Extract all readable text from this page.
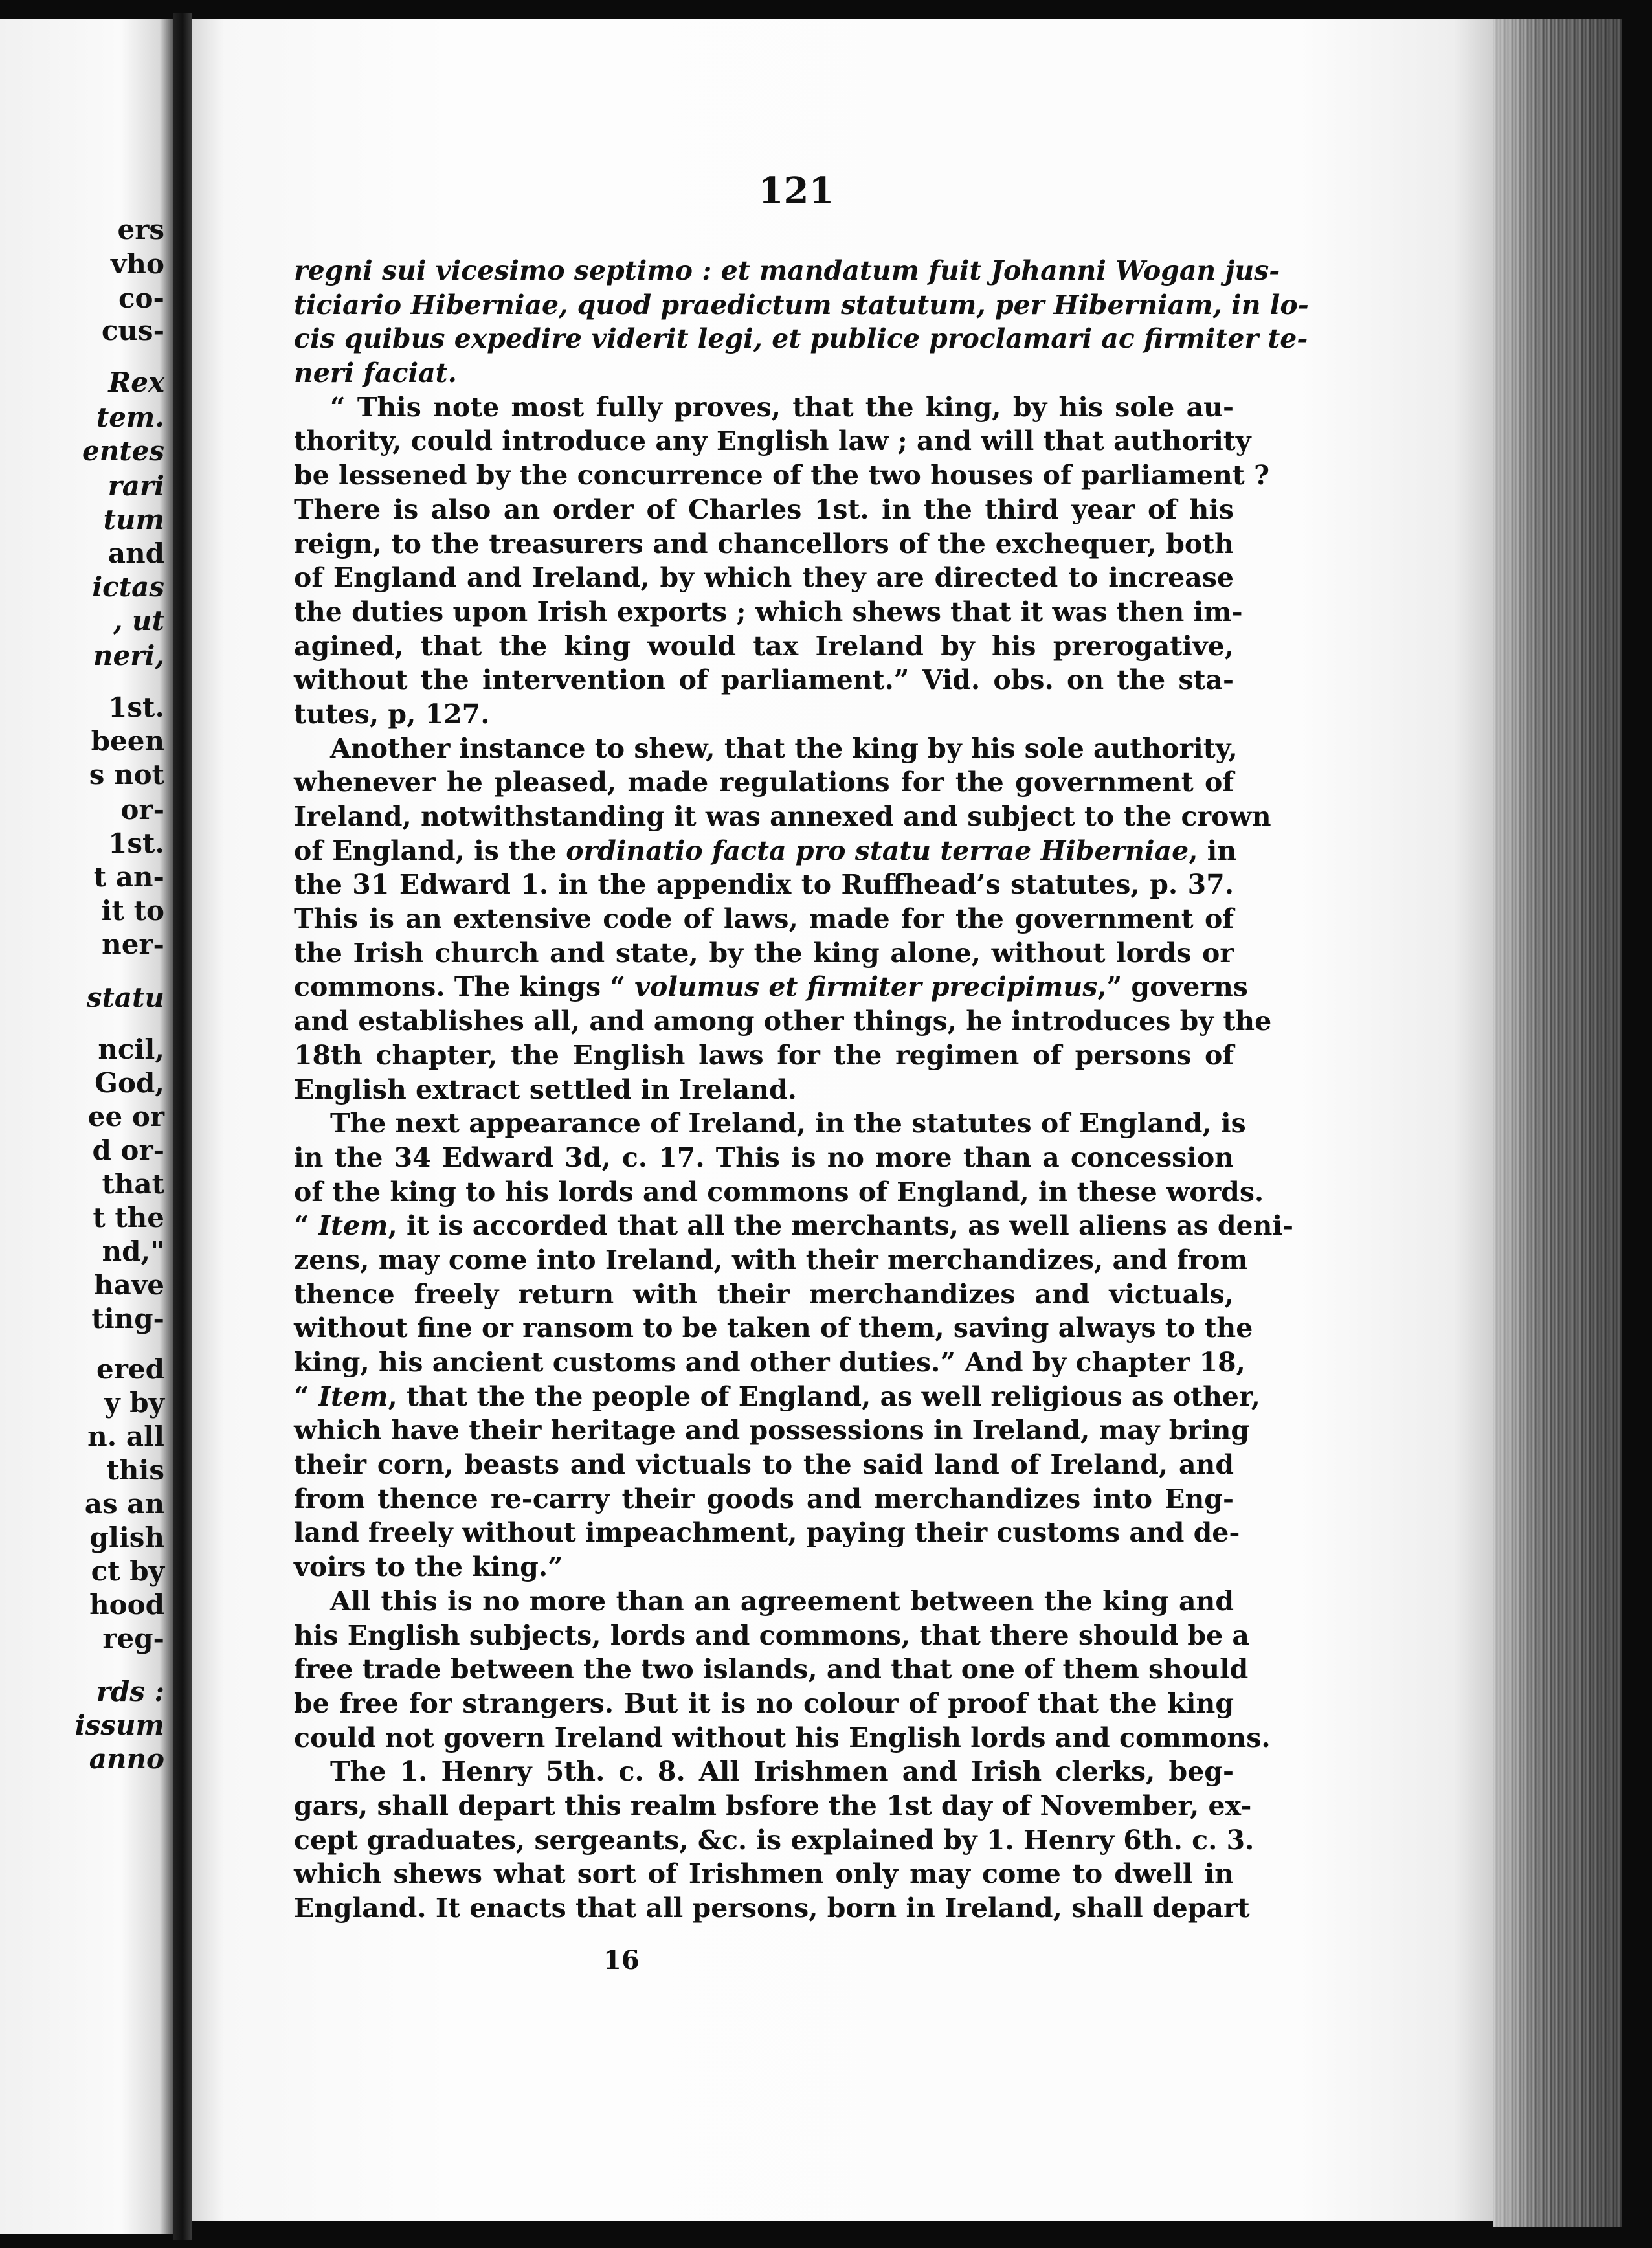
ers
vho
co-
cus-
Rex
tem.
entes
rari
tum
and
ictas
, ut
neri,
1st.
been
s not
or-
1st.
t an-
it to
ner-
statu
ncil,
God,
ee or
d or-
that
t the
nd,"
have
ting-
ered
y by
n. all
this
as an
glish
ct by
hood
reg-
rds :
issum
anno
121
regni sui vicesimo septimo : et mandatum fuit Johanni Wogan jus-
ticiario Hiberniae, quod praedictum statutum, per Hiberniam, in lo-
cis quibus expedire viderit legi, et publice proclamari ac firmiter te-
neri faciat.
“ This note most fully proves, that the king, by his sole au-
thority, could introduce any English law ; and will that authority
be lessened by the concurrence of the two houses of parliament ?
There is also an order of Charles 1st. in the third year of his
reign, to the treasurers and chancellors of the exchequer, both
of England and Ireland, by which they are directed to increase
the duties upon Irish exports ; which shews that it was then im-
agined, that the king would tax Ireland by his prerogative,
without the intervention of parliament.” Vid. obs. on the sta-
tutes, p, 127.
Another instance to shew, that the king by his sole authority,
whenever he pleased, made regulations for the government of
Ireland, notwithstanding it was annexed and subject to the crown
of England, is the ordinatio facta pro statu terrae Hiberniae, in
the 31 Edward 1. in the appendix to Ruffhead’s statutes, p. 37.
This is an extensive code of laws, made for the government of
the Irish church and state, by the king alone, without lords or
commons. The kings “ volumus et firmiter precipimus,” governs
and establishes all, and among other things, he introduces by the
18th chapter, the English laws for the regimen of persons of
English extract settled in Ireland.
The next appearance of Ireland, in the statutes of England, is
in the 34 Edward 3d, c. 17. This is no more than a concession
of the king to his lords and commons of England, in these words.
“ Item, it is accorded that all the merchants, as well aliens as deni-
zens, may come into Ireland, with their merchandizes, and from
thence freely return with their merchandizes and victuals,
without fine or ransom to be taken of them, saving always to the
king, his ancient customs and other duties.” And by chapter 18,
“ Item, that the the people of England, as well religious as other,
which have their heritage and possessions in Ireland, may bring
their corn, beasts and victuals to the said land of Ireland, and
from thence re-carry their goods and merchandizes into Eng-
land freely without impeachment, paying their customs and de-
voirs to the king.”
All this is no more than an agreement between the king and
his English subjects, lords and commons, that there should be a
free trade between the two islands, and that one of them should
be free for strangers. But it is no colour of proof that the king
could not govern Ireland without his English lords and commons.
The 1. Henry 5th. c. 8. All Irishmen and Irish clerks, beg-
gars, shall depart this realm bsfore the 1st day of November, ex-
cept graduates, sergeants, &c. is explained by 1. Henry 6th. c. 3.
which shews what sort of Irishmen only may come to dwell in
England. It enacts that all persons, born in Ireland, shall depart
16
